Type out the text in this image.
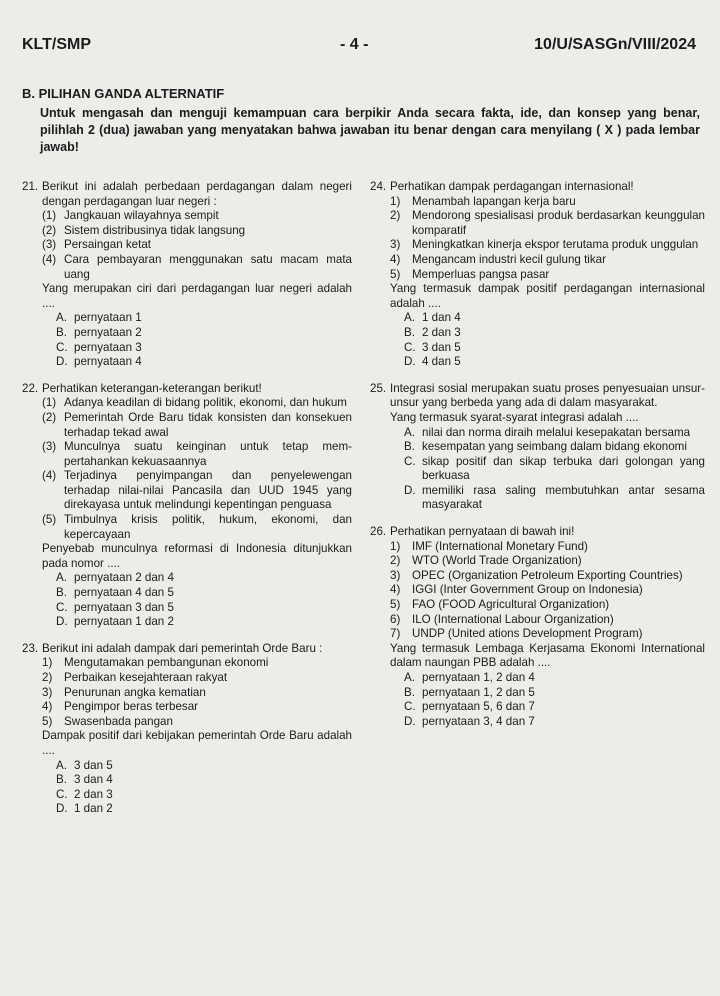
KLT/SMP	- 4 -	10/U/SASGn/VIII/2024
B. PILIHAN GANDA ALTERNATIF
Untuk mengasah dan menguji kemampuan cara berpikir Anda secara fakta, ide, dan konsep yang benar, pilihlah 2 (dua) jawaban yang menyatakan bahwa jawaban itu benar dengan cara menyilang ( X ) pada lembar jawab!
21. Berikut ini adalah perbedaan perdagangan dalam negeri dengan perdagangan luar negeri :
(1) Jangkauan wilayahnya sempit
(2) Sistem distribusinya tidak langsung
(3) Persaingan ketat
(4) Cara pembayaran menggunakan satu macam mata uang
Yang merupakan ciri dari perdagangan luar negeri adalah ....
A. pernyataan 1
B. pernyataan 2
C. pernyataan 3
D. pernyataan 4
22. Perhatikan keterangan-keterangan berikut!
(1) Adanya keadilan di bidang politik, ekonomi, dan hukum
(2) Pemerintah Orde Baru tidak konsisten dan konsekuen terhadap tekad awal
(3) Munculnya suatu keinginan untuk tetap mempertahankan kekuasaannya
(4) Terjadinya penyimpangan dan penyelewengan terhadap nilai-nilai Pancasila dan UUD 1945 yang direkayasa untuk melindungi kepentingan penguasa
(5) Timbulnya krisis politik, hukum, ekonomi, dan kepercayaan
Penyebab munculnya reformasi di Indonesia ditunjukkan pada nomor ....
A. pernyataan 2 dan 4
B. pernyataan 4 dan 5
C. pernyataan 3 dan 5
D. pernyataan 1 dan 2
23. Berikut ini adalah dampak dari pemerintah Orde Baru :
1)	Mengutamakan pembangunan ekonomi
2)	Perbaikan kesejahteraan rakyat
3)	Penurunan angka kematian
4)	Pengimpor beras terbesar
5)	Swasenbada pangan
Dampak positif dari kebijakan pemerintah Orde Baru adalah ....
A. 3 dan 5
B. 3 dan 4
C. 2 dan 3
D. 1 dan 2
24. Perhatikan dampak perdagangan internasional!
1)	Menambah lapangan kerja baru
2)	Mendorong spesialisasi produk berdasarkan keunggulan komparatif
3)	Meningkatkan kinerja ekspor terutama produk unggulan
4)	Mengancam industri kecil gulung tikar
5)	Memperluas pangsa pasar
Yang termasuk dampak positif perdagangan internasional adalah ....
A. 1 dan 4
B. 2 dan 3
C. 3 dan 5
D. 4 dan 5
25. Integrasi sosial merupakan suatu proses penyesuaian unsur-unsur yang berbeda yang ada di dalam masyarakat.
Yang termasuk syarat-syarat integrasi adalah ....
A. nilai dan norma diraih melalui kesepakatan bersama
B. kesempatan yang seimbang dalam bidang ekonomi
C. sikap positif dan sikap terbuka dari golongan yang berkuasa
D. memiliki rasa saling membutuhkan antar sesama masyarakat
26. Perhatikan pernyataan di bawah ini!
1)	IMF (International Monetary Fund)
2)	WTO (World Trade Organization)
3)	OPEC (Organization Petroleum Exporting Countries)
4)	IGGI (Inter Government Group on Indonesia)
5)	FAO (FOOD Agricultural Organization)
6)	ILO (International Labour Organization)
7)	UNDP (United ations Development Program)
Yang termasuk Lembaga Kerjasama Ekonomi International dalam naungan PBB adalah ....
A. pernyataan 1, 2 dan 4
B. pernyataan 1, 2 dan 5
C. pernyataan 5, 6 dan 7
D. pernyataan 3, 4 dan 7
